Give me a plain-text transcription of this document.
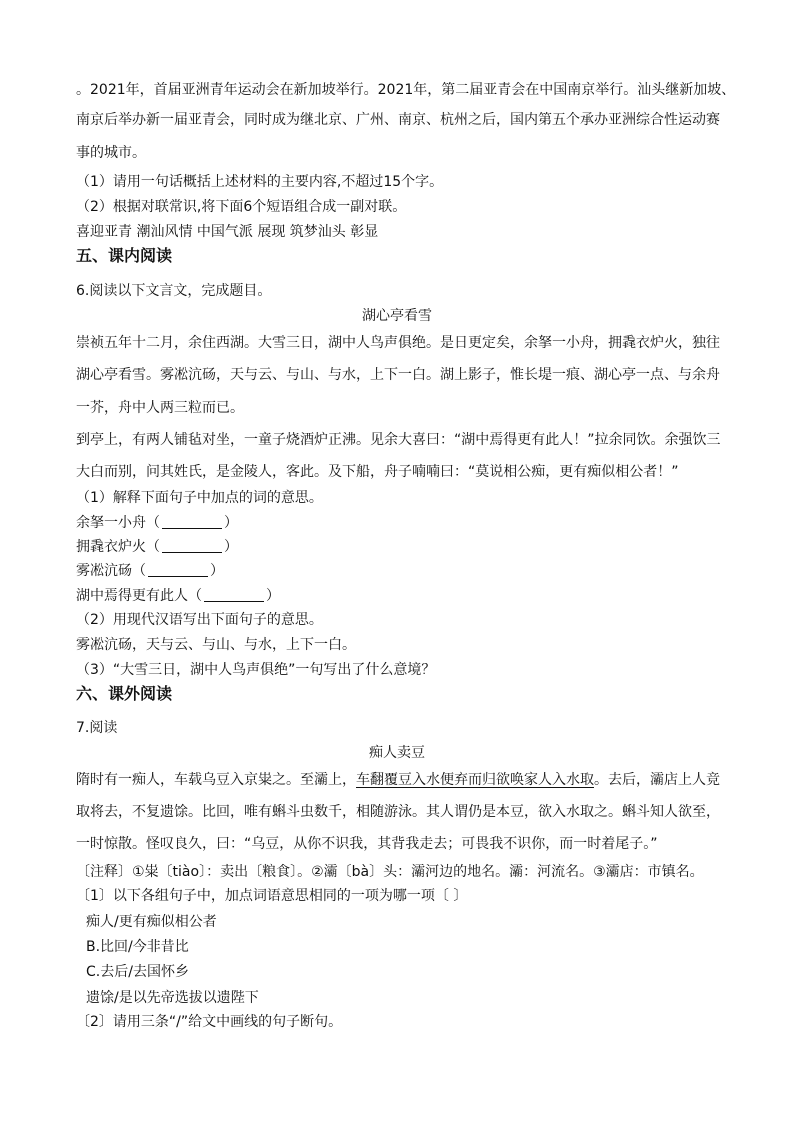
。2021年，首届亚洲青年运动会在新加坡举行。2021年，第二届亚青会在中国南京举行。汕头继新加坡、
南京后举办新一届亚青会，同时成为继北京、广州、南京、杭州之后，国内第五个承办亚洲综合性运动赛
事的城市。
（1）请用一句话概括上述材料的主要内容,不超过15个字。
（2）根据对联常识,将下面6个短语组合成一副对联。
喜迎亚青 潮汕风情 中国气派 展现 筑梦汕头 彰显
五、课内阅读
6.阅读以下文言文，完成题目。
湖心亭看雪
崇祯五年十二月，余住西湖。大雪三日，湖中人鸟声俱绝。是日更定矣，余拏一小舟，拥毳衣炉火，独往
湖心亭看雪。雾凇沆砀，天与云、与山、与水，上下一白。湖上影子，惟长堤一痕、湖心亭一点、与余舟
一芥，舟中人两三粒而已。
到亭上，有两人铺毡对坐，一童子烧酒炉正沸。见余大喜曰：“湖中焉得更有此人！”拉余同饮。余强饮三
大白而别，问其姓氏，是金陵人，客此。及下船，舟子喃喃曰：“莫说相公痴，更有痴似相公者！”
（1）解释下面句子中加点的词的意思。
余拏一小舟（	）
拥毳衣炉火（	）
雾凇沆砀（	）
湖中焉得更有此人（	）
（2）用现代汉语写出下面句子的意思。
雾凇沆砀，天与云、与山、与水，上下一白。
（3）“大雪三日，湖中人鸟声俱绝”一句写出了什么意境？
六、课外阅读
7.阅读
痴人卖豆
隋时有一痴人，车载乌豆入京粜之。至灞上，车翻覆豆入水便弃而归欲唤家人入水取。去后，灞店上人竞
取将去，不复遗馀。比回，唯有蝌斗虫数千，相随游泳。其人谓仍是本豆，欲入水取之。蝌斗知人欲至，
一时惊散。怪叹良久，曰：“乌豆，从你不识我，其背我走去；可畏我不识你，而一时着尾子。”
〔注释〕①粜〔tiào〕：卖出〔粮食〕。②灞〔bà〕头：灞河边的地名。灞：河流名。③灞店：市镇名。
〔1〕以下各组句子中，加点词语意思相同的一项为哪一项〔 〕
痴人/更有痴似相公者
B.比回/今非昔比
C.去后/去国怀乡
遗馀/是以先帝选拔以遗陛下
〔2〕请用三条“/”给文中画线的句子断句。
